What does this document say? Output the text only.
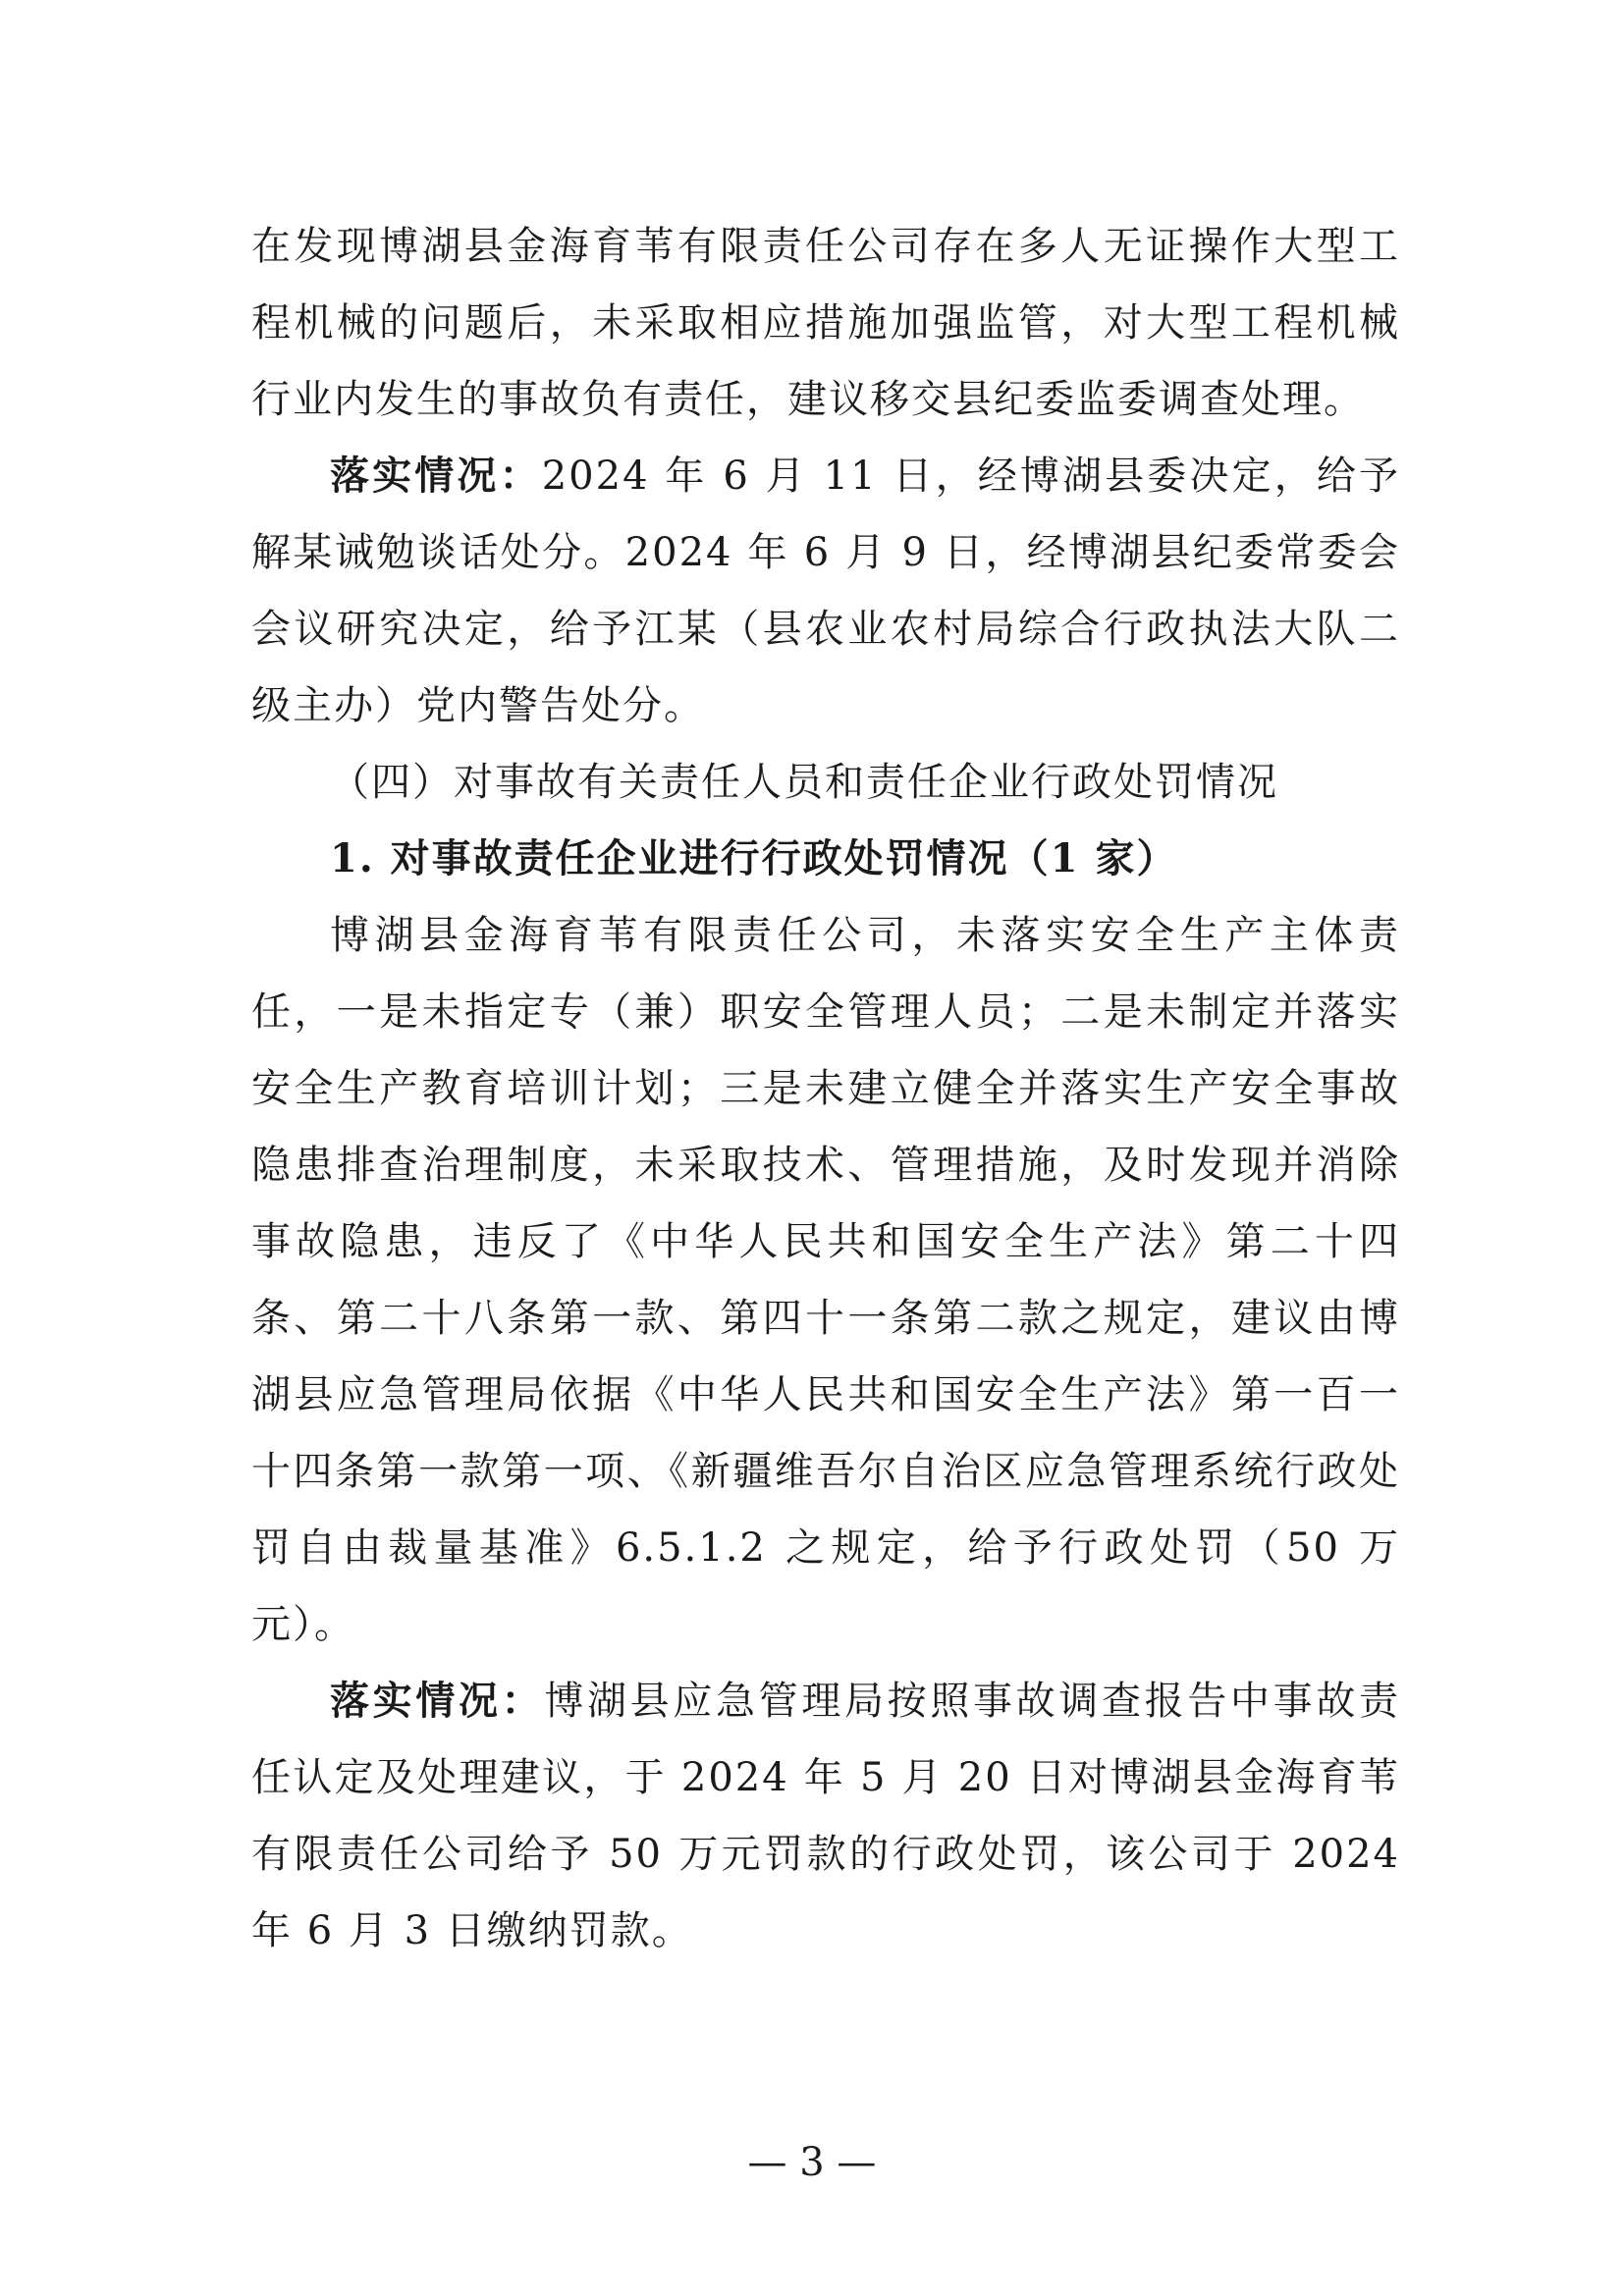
在发现博湖县金海育苇有限责任公司存在多人无证操作大型工程机械的问题后，未采取相应措施加强监管，对大型工程机械行业内发生的事故负有责任，建议移交县纪委监委调查处理。

落实情况：2024 年 6 月 11 日，经博湖县委决定，给予解某诫勉谈话处分。2024 年 6 月 9 日，经博湖县纪委常委会会议研究决定，给予江某（县农业农村局综合行政执法大队二级主办）党内警告处分。

（四）对事故有关责任人员和责任企业行政处罚情况

1. 对事故责任企业进行行政处罚情况（1 家）

博湖县金海育苇有限责任公司，未落实安全生产主体责任，一是未指定专（兼）职安全管理人员；二是未制定并落实安全生产教育培训计划；三是未建立健全并落实生产安全事故隐患排查治理制度，未采取技术、管理措施，及时发现并消除事故隐患，违反了《中华人民共和国安全生产法》第二十四条、第二十八条第一款、第四十一条第二款之规定，建议由博湖县应急管理局依据《中华人民共和国安全生产法》第一百一十四条第一款第一项、《新疆维吾尔自治区应急管理系统行政处罚自由裁量基准》6.5.1.2 之规定，给予行政处罚（50 万元）。

落实情况：博湖县应急管理局按照事故调查报告中事故责任认定及处理建议，于 2024 年 5 月 20 日对博湖县金海育苇有限责任公司给予 50 万元罚款的行政处罚，该公司于 2024 年 6 月 3 日缴纳罚款。

— 3 —
